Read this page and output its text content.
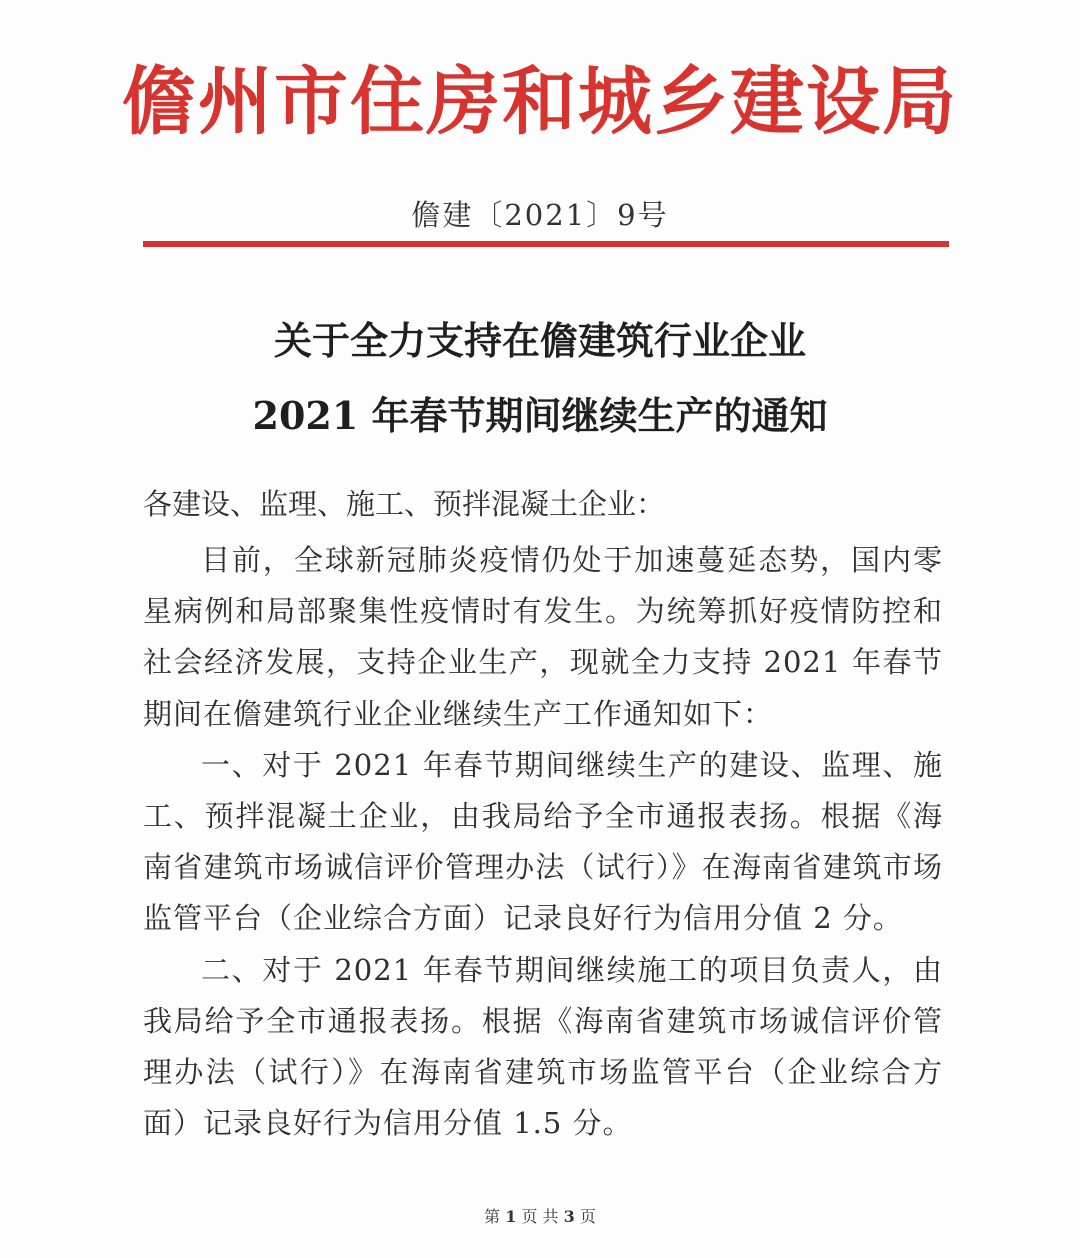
儋州市住房和城乡建设局
儋建〔2021〕9号
关于全力支持在儋建筑行业企业
2021 年春节期间继续生产的通知
各建设、监理、施工、预拌混凝土企业：

目前，全球新冠肺炎疫情仍处于加速蔓延态势，国内零星病例和局部聚集性疫情时有发生。为统筹抓好疫情防控和社会经济发展，支持企业生产，现就全力支持 2021 年春节期间在儋建筑行业企业继续生产工作通知如下：

一、对于 2021 年春节期间继续生产的建设、监理、施工、预拌混凝土企业，由我局给予全市通报表扬。根据《海南省建筑市场诚信评价管理办法（试行）》在海南省建筑市场监管平台（企业综合方面）记录良好行为信用分值 2 分。

二、对于 2021 年春节期间继续施工的项目负责人，由我局给予全市通报表扬。根据《海南省建筑市场诚信评价管理办法（试行）》在海南省建筑市场监管平台（企业综合方面）记录良好行为信用分值 1.5 分。

第 1 页 共 3 页
